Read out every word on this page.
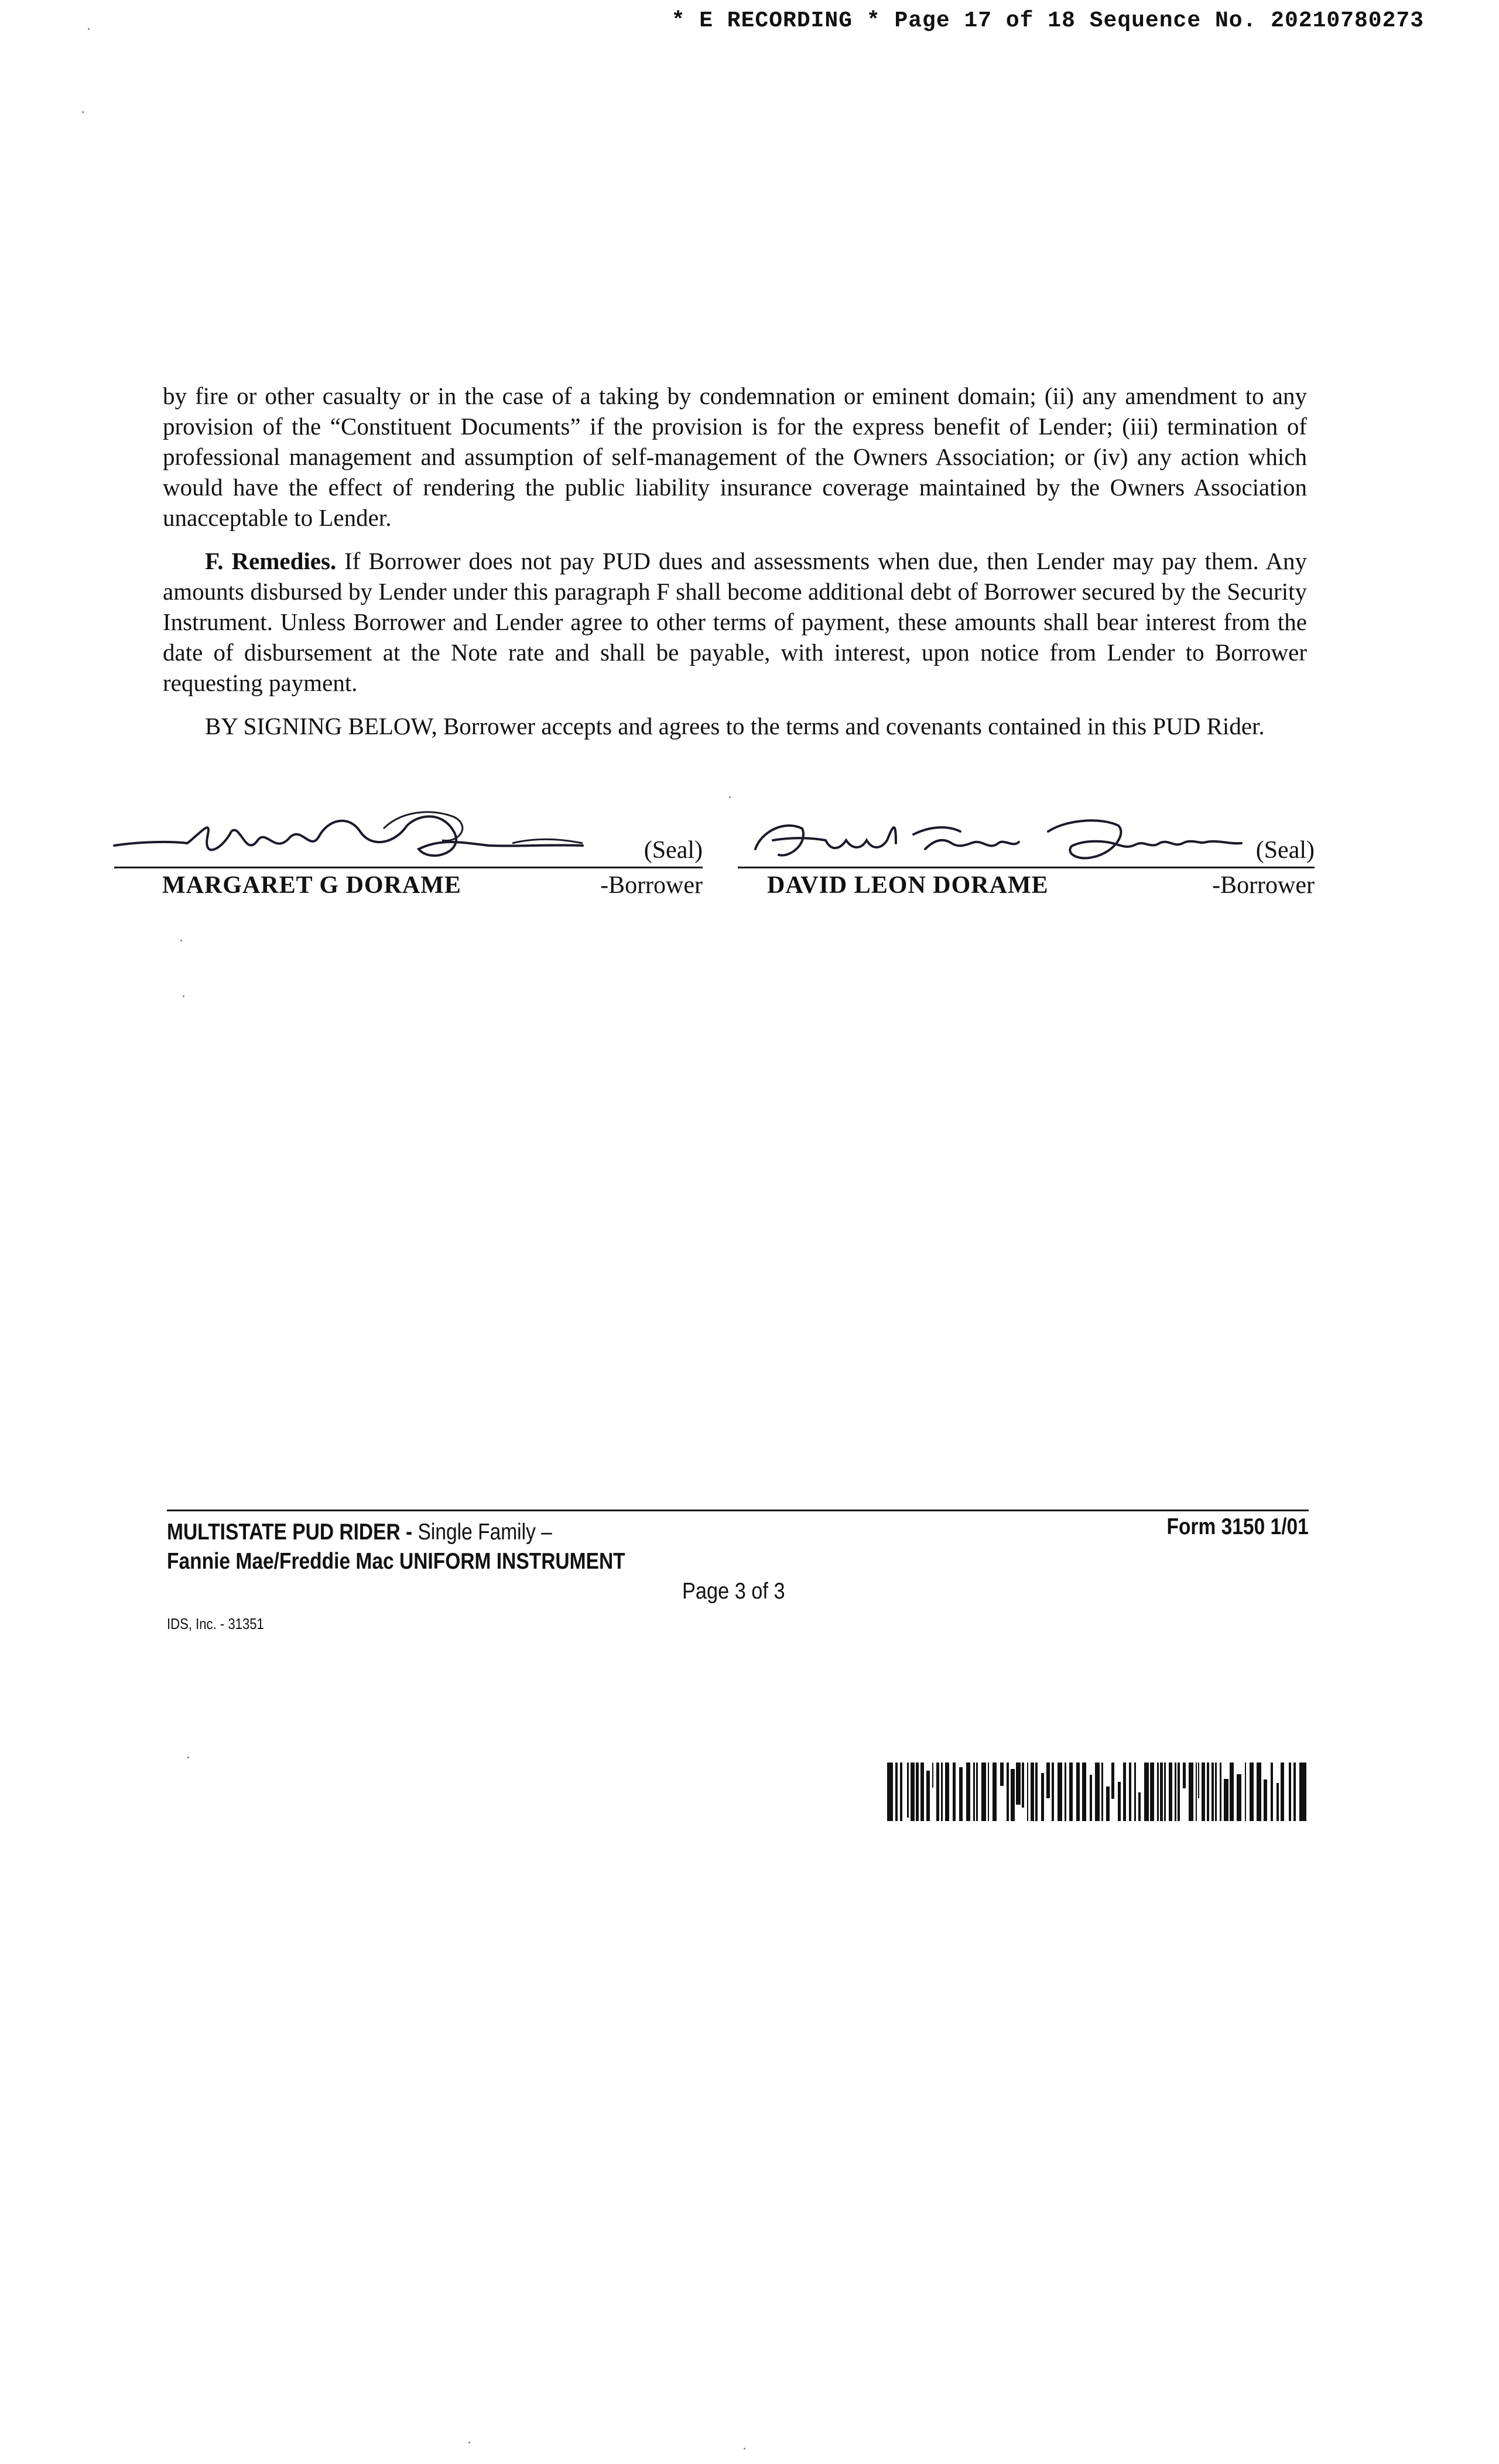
* E RECORDING * Page 17 of 18 Sequence No. 20210780273

by fire or other casualty or in the case of a taking by condemnation or eminent domain; (ii) any amendment to any provision of the “Constituent Documents” if the provision is for the express benefit of Lender; (iii) termination of professional management and assumption of self-management of the Owners Association; or (iv) any action which would have the effect of rendering the public liability insurance coverage maintained by the Owners Association unacceptable to Lender.

F. Remedies. If Borrower does not pay PUD dues and assessments when due, then Lender may pay them. Any amounts disbursed by Lender under this paragraph F shall become additional debt of Borrower secured by the Security Instrument. Unless Borrower and Lender agree to other terms of payment, these amounts shall bear interest from the date of disbursement at the Note rate and shall be payable, with interest, upon notice from Lender to Borrower requesting payment.

BY SIGNING BELOW, Borrower accepts and agrees to the terms and covenants contained in this PUD Rider.

(Seal)
MARGARET G DORAME	-Borrower
(Seal)
DAVID LEON DORAME	-Borrower
MULTISTATE PUD RIDER - Single Family –
Fannie Mae/Freddie Mac UNIFORM INSTRUMENT
Form 3150 1/01
Page 3 of 3
IDS, Inc. - 31351
